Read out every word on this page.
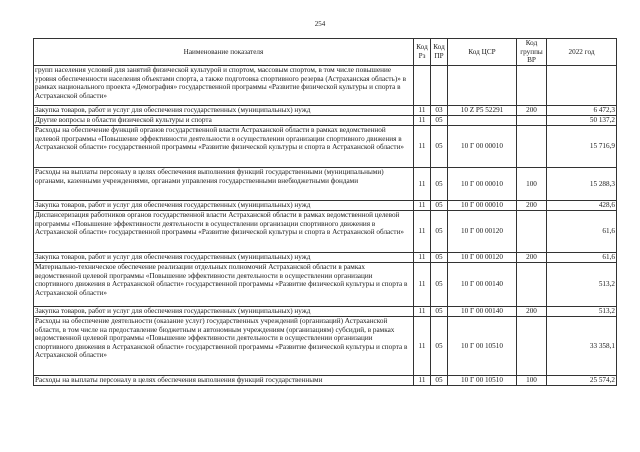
254
Наименование показателя	Код Рз	Код ПР	Код ЦСР	Код группы ВР	2022 год
групп населения условий для занятий физической культурой и спортом, массовым спортом, в том числе повышение уровня обеспеченности населения объектами спорта, а также подготовка спортивного резерва (Астраханская область)» в рамках национального проекта «Демография» государственной программы «Развитие физической культуры и спорта в Астраханской области»					
Закупка товаров, работ и услуг для обеспечения государственных (муниципальных) нужд	11	03	10 Z P5 52291	200	6 472,3
Другие вопросы в области физической культуры и спорта	11	05			50 137,2
Расходы на обеспечение функций органов государственной власти Астраханской области в рамках ведомственной целевой программы «Повышение эффективности деятельности в осуществлении организации спортивного движения в Астраханской области» государственной программы «Развитие физической культуры и спорта в Астраханской области»	11	05	10 Г 00 00010		15 716,9
Расходы на выплаты персоналу в целях обеспечения выполнения функций государственными (муниципальными) органами, казенными учреждениями, органами управления государственными внебюджетными фондами	11	05	10 Г 00 00010	100	15 288,3
Закупка товаров, работ и услуг для обеспечения государственных (муниципальных) нужд	11	05	10 Г 00 00010	200	428,6
Диспансеризация работников органов государственной власти Астраханской области в рамках ведомственной целевой программы «Повышение эффективности деятельности в осуществлении организации спортивного движения в Астраханской области» государственной программы «Развитие физической культуры и спорта в Астраханской области»	11	05	10 Г 00 00120		61,6
Закупка товаров, работ и услуг для обеспечения государственных (муниципальных) нужд	11	05	10 Г 00 00120	200	61,6
Материально-техническое обеспечение реализации отдельных полномочий Астраханской области в рамках ведомственной целевой программы «Повышение эффективности деятельности в осуществлении организации спортивного движения в Астраханской области» государственной программы «Развитие физической культуры и спорта в Астраханской области»	11	05	10 Г 00 00140		513,2
Закупка товаров, работ и услуг для обеспечения государственных (муниципальных) нужд	11	05	10 Г 00 00140	200	513,2
Расходы на обеспечение деятельности (оказание услуг) государственных учреждений (организаций) Астраханской области, в том числе на предоставление бюджетным и автономным учреждениям (организациям) субсидий, в рамках ведомственной целевой программы «Повышение эффективности деятельности в осуществлении организации спортивного движения в Астраханской области» государственной программы «Развитие физической культуры и спорта в Астраханской области»	11	05	10 Г 00 10510		33 358,1
Расходы на выплаты персоналу в целях обеспечения выполнения функций государственными	11	05	10 Г 00 10510	100	25 574,2
